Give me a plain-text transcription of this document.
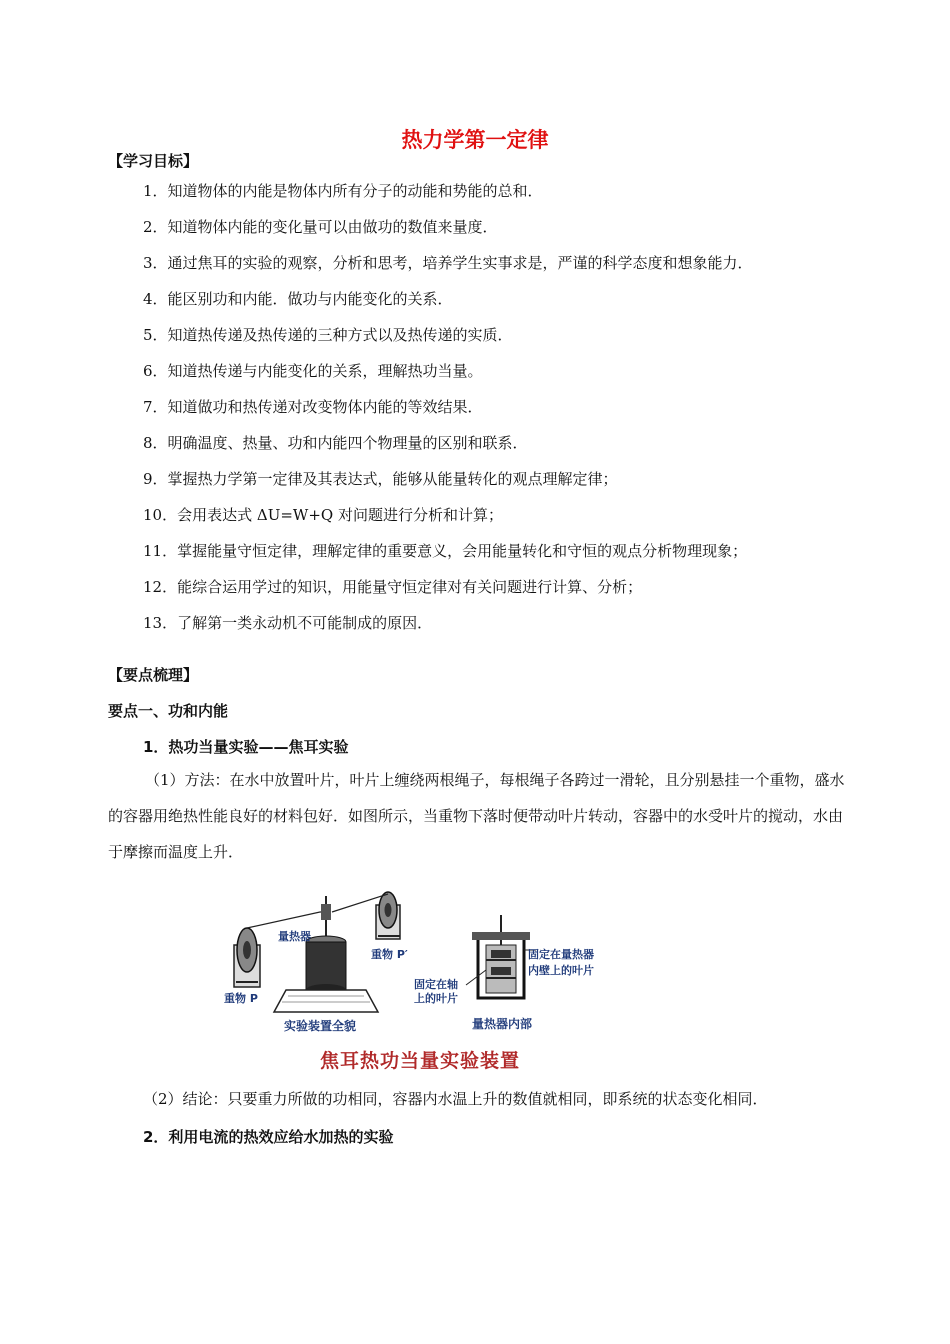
热力学第一定律
【学习目标】
1．知道物体的内能是物体内所有分子的动能和势能的总和．
2．知道物体内能的变化量可以由做功的数值来量度．
3．通过焦耳的实验的观察，分析和思考，培养学生实事求是，严谨的科学态度和想象能力．
4．能区别功和内能．做功与内能变化的关系．
5．知道热传递及热传递的三种方式以及热传递的实质．
6．知道热传递与内能变化的关系，理解热功当量。
7．知道做功和热传递对改变物体内能的等效结果．
8．明确温度、热量、功和内能四个物理量的区别和联系．
9．掌握热力学第一定律及其表达式，能够从能量转化的观点理解定律；
10．会用表达式 ΔU=W+Q 对问题进行分析和计算；
11．掌握能量守恒定律，理解定律的重要意义，会用能量转化和守恒的观点分析物理现象；
12．能综合运用学过的知识，用能量守恒定律对有关问题进行计算、分析；
13．了解第一类永动机不可能制成的原因．
【要点梳理】
要点一、功和内能
1．热功当量实验——焦耳实验
（1）方法：在水中放置叶片，叶片上缠绕两根绳子，每根绳子各跨过一滑轮，且分别悬挂一个重物，盛水的容器用绝热性能良好的材料包好．如图所示，当重物下落时便带动叶片转动，容器中的水受叶片的搅动，水由于摩擦而温度上升．
量热器
重物 P′
重物 P
实验装置全貌
固定在量热器
内壁上的叶片
固定在轴
上的叶片
量热器内部
焦耳热功当量实验装置
（2）结论：只要重力所做的功相同，容器内水温上升的数值就相同，即系统的状态变化相同．
2．利用电流的热效应给水加热的实验
